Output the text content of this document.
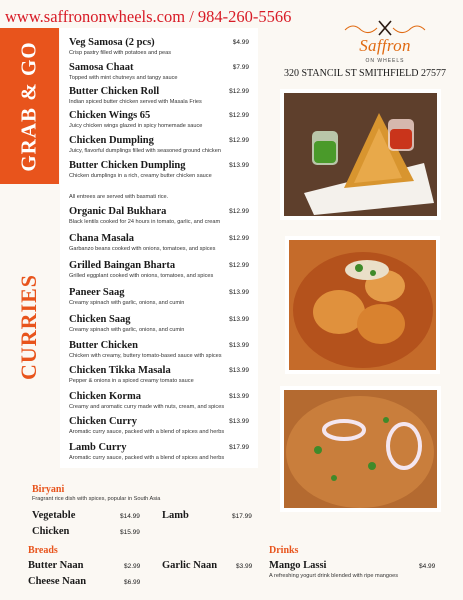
www.saffrononwheels.com / 984-260-5566
Saffron
ON WHEELS
320 STANCIL ST SMITHFIELD 27577
GRAB & GO
CURRIES
Veg Samosa (2 pcs)
Crisp pastry filled with potatoes and peas
$4.99
Samosa Chaat
Topped with mint chutneys and tangy sauce
$7.99
Butter Chicken Roll
Indian spiced butter chicken served with Masala Fries
$12.99
Chicken Wings 65
Juicy chicken wings glazed in spicy homemade sauce
$12.99
Chicken Dumpling
Juicy, flavorful dumplings filled with seasoned ground chicken
$12.99
Butter Chicken Dumpling
Chicken dumplings in a rich, creamy butter chicken sauce
$13.99
All entrees are served with basmati rice.
Organic Dal Bukhara
Black lentils cooked for 24 hours in tomato, garlic, and cream
$12.99
Chana Masala
Garbanzo beans cooked with onions, tomatoes, and spices
$12.99
Grilled Baingan Bharta
Grilled eggplant cooked with onions, tomatoes, and spices
$12.99
Paneer Saag
Creamy spinach with garlic, onions, and cumin
$13.99
Chicken Saag
Creamy spinach with garlic, onions, and cumin
$13.99
Butter Chicken
Chicken with creamy, buttery tomato-based sauce with spices
$13.99
Chicken Tikka Masala
Pepper & onions in a spiced creamy tomato sauce
$13.99
Chicken Korma
Creamy and aromatic curry made with nuts, cream, and spices
$13.99
Chicken Curry
Aromatic curry sauce, packed with a blend of spices and herbs
$13.99
Lamb Curry
Aromatic curry sauce, packed with a blend of spices and herbs
$17.99
Biryani
Fragrant rice dish with spices, popular in South Asia
Vegetable	$14.99
Chicken	$15.99
Lamb	$17.99
Breads
Butter Naan	$2.99
Cheese Naan	$6.99
Garlic Naan	$3.99
Drinks
Mango Lassi	$4.99
A refreshing yogurt drink blended with ripe mangoes
